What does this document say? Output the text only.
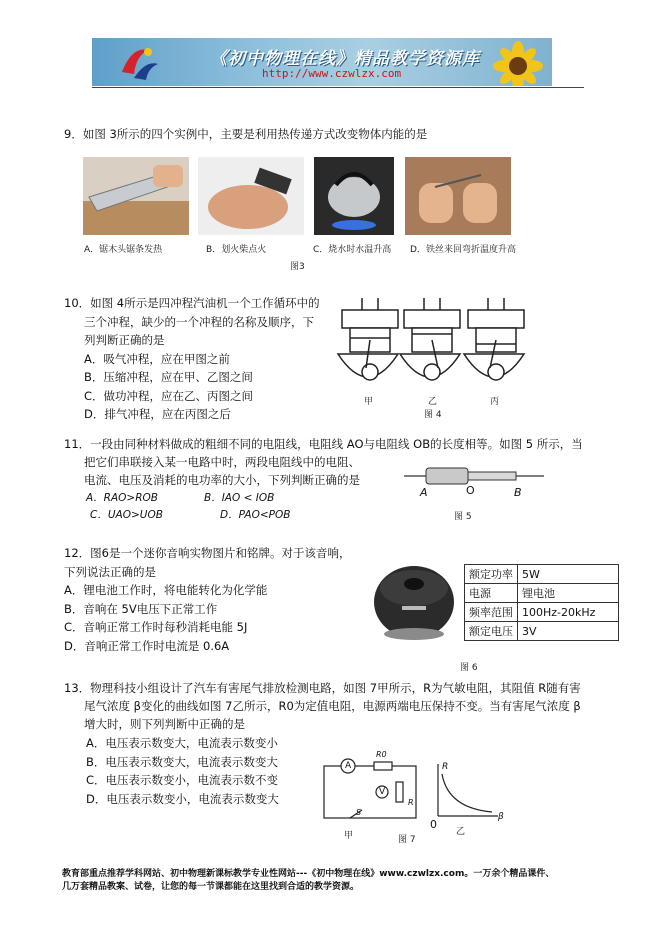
《初中物理在线》精品教学资源库
http://www.czwlzx.com
9．如图 3所示的四个实例中，主要是利用热传递方式改变物体内能的是
A．锯木头锯条发热	B．划火柴点火	C．烧水时水温升高 D．铁丝来回弯折温度升高
图3
10．如图 4所示是四冲程汽油机一个工作循环中的
三个冲程，缺少的一个冲程的名称及顺序，下
列判断正确的是
A．吸气冲程，应在甲图之前
B．压缩冲程，应在甲、乙图之间
C．做功冲程，应在乙、丙图之间
D．排气冲程，应在丙图之后
甲	乙	丙
图 4
11．一段由同种材料做成的粗细不同的电阻线，电阻线 AO与电阻线 OB的长度相等。如图 5 所示，当
把它们串联接入某一电路中时，两段电阻线中的电阻、
电流、电压及消耗的电功率的大小，下列判断正确的是
A．RAO>ROB	B．IAO < IOB
C．UAO>UOB	D．PAO<POB
A	O	B
图 5
12．图6是一个迷你音响实物图片和铭牌。对于该音响，
下列说法正确的是
A．锂电池工作时，将电能转化为化学能
B．音响在 5V电压下正常工作
C．音响正常工作时每秒消耗电能 5J
D．音响正常工作时电流是 0.6A
额定功率	5W
电源	锂电池
频率范围	100Hz-20kHz
额定电压	3V
图 6
13．物理科技小组设计了汽车有害尾气排放检测电路，如图 7甲所示，R为气敏电阻，其阻值 R随有害
尾气浓度 β变化的曲线如图 7乙所示，R0为定值电阻，电源两端电压保持不变。当有害尾气浓度 β
增大时，则下列判断中正确的是
A．电压表示数变大，电流表示数变小
B．电压表示数变大，电流表示数变大
C．电压表示数变小，电流表示数不变
D．电压表示数变小，电流表示数变大
A
V
R0
R
S
甲	图 7
R
β
0
乙
教育部重点推荐学科网站、初中物理新课标教学专业性网站---《初中物理在线》www.czwlzx.com。一万余个精品课件、
几万套精品教案、试卷，让您的每一节课都能在这里找到合适的教学资源。
